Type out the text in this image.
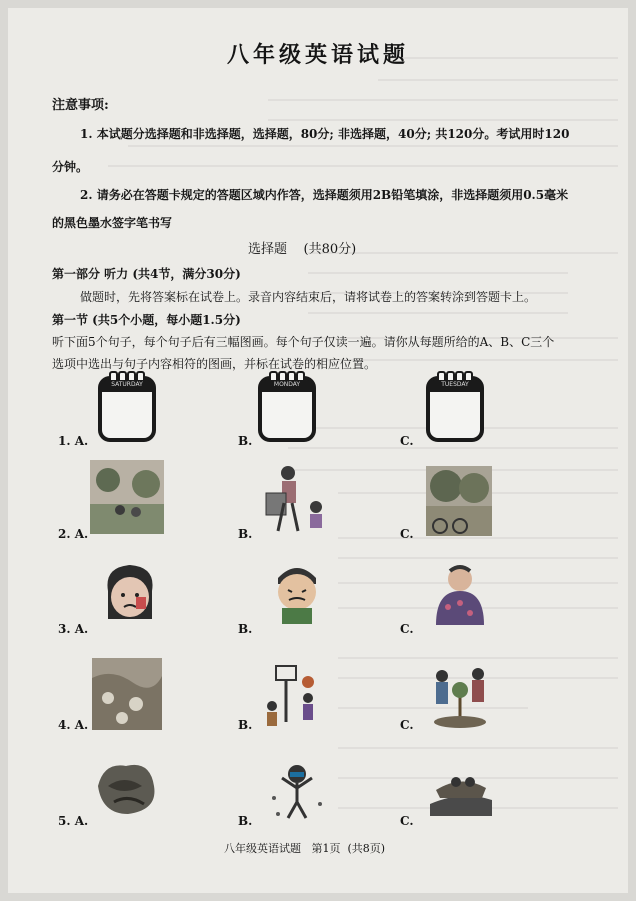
八年级英语试题
注意事项:
1. 本试题分选择题和非选择题，选择题，80分; 非选择题，40分; 共120分。考试用时120
分钟。
2. 请务必在答题卡规定的答题区域内作答，选择题须用2B铅笔填涂，非选择题须用0.5毫米
的黑色墨水签字笔书写
选择题    (共80分)
第一部分 听力 (共4节，满分30分)
做题时，先将答案标在试卷上。录音内容结束后，请将试卷上的答案转涂到答题卡上。
第一节 (共5个小题，每小题1.5分)
听下面5个句子，每个句子后有三幅图画。每个句子仅读一遍。请你从每题所给的A、B、C三个
选项中选出与句子内容相符的图画，并标在试卷的相应位置。
SATURDAY	MONDAY	TUESDAY
1. A.	B.	C.
2. A.	B.	C.
3. A.	B.	C.
4. A.	B.	C.
5. A.	B.	C.
八年级英语试题   第1页  (共8页)
